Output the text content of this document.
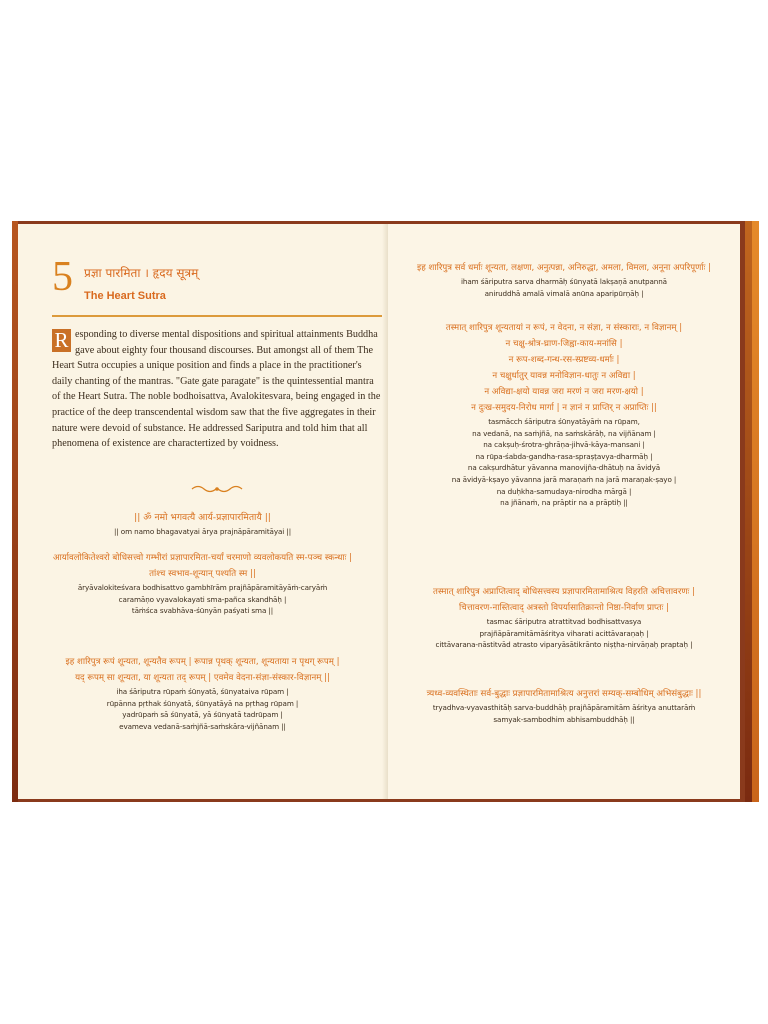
5 प्रज्ञा पारमिता । हृदय सूत्रम्
The Heart Sutra
R esponding to diverse mental dispositions and spiritual attainments Buddha gave about eighty four thousand discourses. But amongst all of them The Heart Sutra occupies a unique position and finds a place in the practitioner's daily chanting of the mantras. "Gate gate paragate" is the quintessential mantra of the Heart Sutra. The noble bodhoisattva, Avalokitesvara, being engaged in the practice of the deep transcendental wisdom saw that the five aggregates in their nature were devoid of substance. He addressed Sariputra and told him that all phenomena of existence are charactertized by voidness.
|| ॐ नमो भगवत्यै आर्य-प्रज्ञापारमितायै ||
|| om namo bhagavatyai ārya prajnāpāramitāyai ||
आर्यावलोकितेश्वरो बोधिसत्त्वो गम्भीरां प्रज्ञापारमिता-चर्यां चरमाणो व्यवलोकयति स्म-पञ्च स्कन्धाः |
तांश्च स्वभाव-शून्यान् पश्यति स्म ||
āryāvalokiteśvara bodhisattvo gambhīrām prajñāpāramitāyāṁ-caryāṁ
caramāṇo vyavalokayati sma-pañca skandhāḥ |
tāṁśca svabhāva-śūnyān paśyati sma ||
इह शारिपुत्र रूपं शून्यता, शून्यतैव रूपम् | रूपान्न पृथक् शून्यता, शून्यताया न पृथग् रूपम् |
यद् रूपम् सा शून्यता, या शून्यता तद् रूपम् | एवमेव वेदना-संज्ञा-संस्कार-विज्ञानम् ||
iha śāriputra rūpaṁ śūnyatā, śūnyataiva rūpam |
rūpānna pṛthak śūnyatā, śūnyatāyā na pṛthag rūpam |
yadrūpaṁ sā śūnyatā, yā śūnyatā tadrūpam |
evameva vedanā-saṁjñā-saṁskāra-vijñānam ||
इह शारिपुत्र सर्व धर्माः शून्यता, लक्षणा, अनुत्पन्ना, अनिरुद्धा, अमला, विमला, अनूना अपरिपूर्णाः |
iham śāriputra sarva dharmāḥ śūnyatā lakṣaṇā anutpannā
aniruddhā amalā vimalā anūna aparipūrṇāḥ |
तस्मात् शारिपुत्र शून्यतायां न रूपं, न वेदना, न संज्ञा, न संस्काराः, न विज्ञानम् |
न चक्षु-श्रोत्र-घ्राण-जिह्वा-काय-मनांसि |
न रूप-शब्द-गन्ध-रस-स्प्रष्टव्य-धर्माः |
न चक्षुर्धातुर् यावन्न मनोविज्ञान-धातुः न अविद्या |
न अविद्या-क्षयो यावन्न जरा मरणं न जरा मरण-क्षयो |
न दुःख-समुदय-निरोध मार्गा | न ज्ञानं न प्राप्तिर् न अप्राप्तिः ||
tasmācch śāriputra śūnyatāyāṁ na rūpam,
na vedanā, na saṁjñā, na saṁskārāḥ, na vijñānam |
na cakṣuḥ-śrotra-ghrāṇa-jihvā-kāya-mansani |
na rūpa-śabda-gandha-rasa-spraṣṭavya-dharmāḥ |
na cakṣurdhātur yāvanna manovijña-dhātuḥ na āvidyā
na āvidyā-kṣayo yāvanna jarā maraṇaṁ na jarā maraṇak-ṣayo |
na duḥkha-samudaya-nirodha mārgā |
na jñānaṁ, na prāptir na a prāptiḥ ||
तस्मात् शारिपुत्र अप्राप्तित्वाद् बोधिसत्त्वस्य प्रज्ञापारमितामाश्रित्य विहरति अचित्तावरणः |
चित्तावरण-नास्तित्वाद् अत्रस्तो विपर्यासातिक्रान्तो निष्ठा-निर्वाण प्राप्तः |
tasmac śāriputra atrattitvad bodhisattvasya
prajñāpāramitāmāśritya viharati acittāvaraṇaḥ |
cittāvarana-nāstitvād atrasto viparyāsātikrānto niṣṭha-nirvāṇaḥ praptaḥ |
त्र्यध्व-व्यवस्थिताः सर्व-बुद्धाः प्रज्ञापारमितामाश्रित्य अनुत्तरां सम्यक्-सम्बोधिम् अभिसंबुद्धाः ||
tryadhva-vyavasthitāḥ sarva-buddhāḥ prajñāpāramitām āśritya anuttarāṁ
samyak-sambodhim abhisambuddhāḥ ||
